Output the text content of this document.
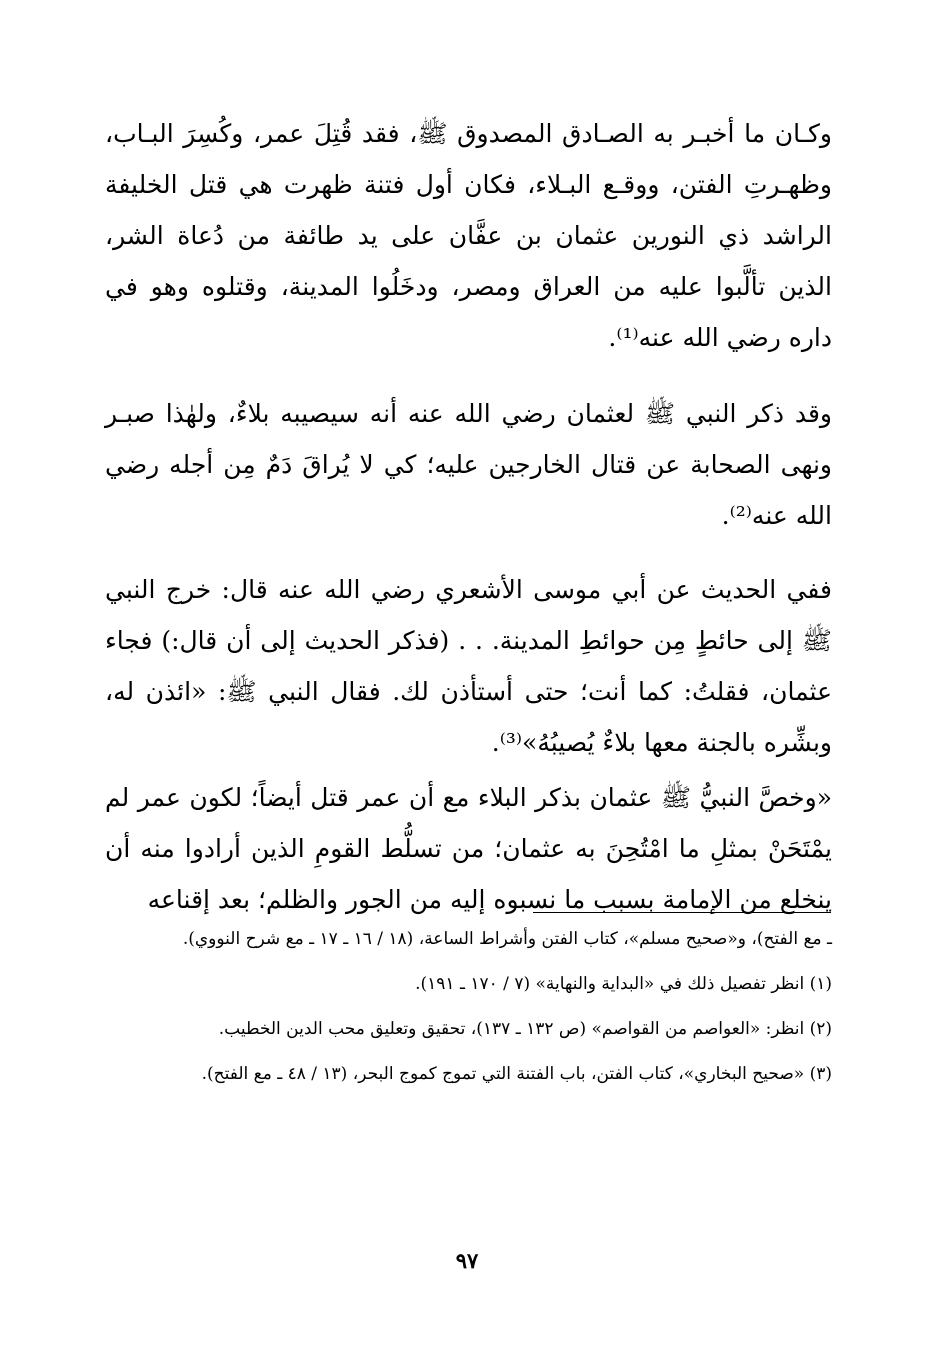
وكـان ما أخبـر به الصـادق المصدوق ﷺ، فقد قُتِلَ عمر، وكُسِرَ البـاب، وظهـرتِ الفتن، ووقـع البـلاء، فكان أول فتنة ظهرت هي قتل الخليفة الراشد ذي النورين عثمان بن عفَّان على يد طائفة من دُعاة الشر، الذين تألَّبوا عليه من العراق ومصر، ودخَلُوا المدينة، وقتلوه وهو في داره رضي الله عنه⁽¹⁾.

وقد ذكر النبي ﷺ لعثمان رضي الله عنه أنه سيصيبه بلاءٌ، ولهٰذا صبـر ونهى الصحابة عن قتال الخارجين عليه؛ كي لا يُراقَ دَمٌ مِن أجله رضي الله عنه⁽²⁾.

ففي الحديث عن أبي موسى الأشعري رضي الله عنه قال: خرج النبي ﷺ إلى حائطٍ مِن حوائطِ المدينة. . . (فذكر الحديث إلى أن قال:) فجاء عثمان، فقلتُ: كما أنت؛ حتى أستأذن لك. فقال النبي ﷺ: «ائذن له، وبشِّره بالجنة معها بلاءٌ يُصيبُهُ»⁽³⁾.

«وخصَّ النبيُّ ﷺ عثمان بذكر البلاء مع أن عمر قتل أيضاً؛ لكون عمر لم يمْتَحَنْ بمثلِ ما امْتُحِنَ به عثمان؛ من تسلُّط القومِ الذين أرادوا منه أن ينخلع من الإمامة بسبب ما نسبوه إليه من الجور والظلم؛ بعد إقناعه

ـ مع الفتح)، و«صحيح مسلم»، كتاب الفتن وأشراط الساعة، (١٨ / ١٦ ـ ١٧ ـ مع شرح النووي).

(١) انظر تفصيل ذلك في «البداية والنهاية» (٧ / ١٧٠ ـ ١٩١).

(٢) انظر: «العواصم من القواصم» (ص ١٣٢ ـ ١٣٧)، تحقيق وتعليق محب الدين الخطيب.

(٣) «صحيح البخاري»، كتاب الفتن، باب الفتنة التي تموج كموج البحر، (١٣ / ٤٨ ـ مع الفتح).

٩٧
